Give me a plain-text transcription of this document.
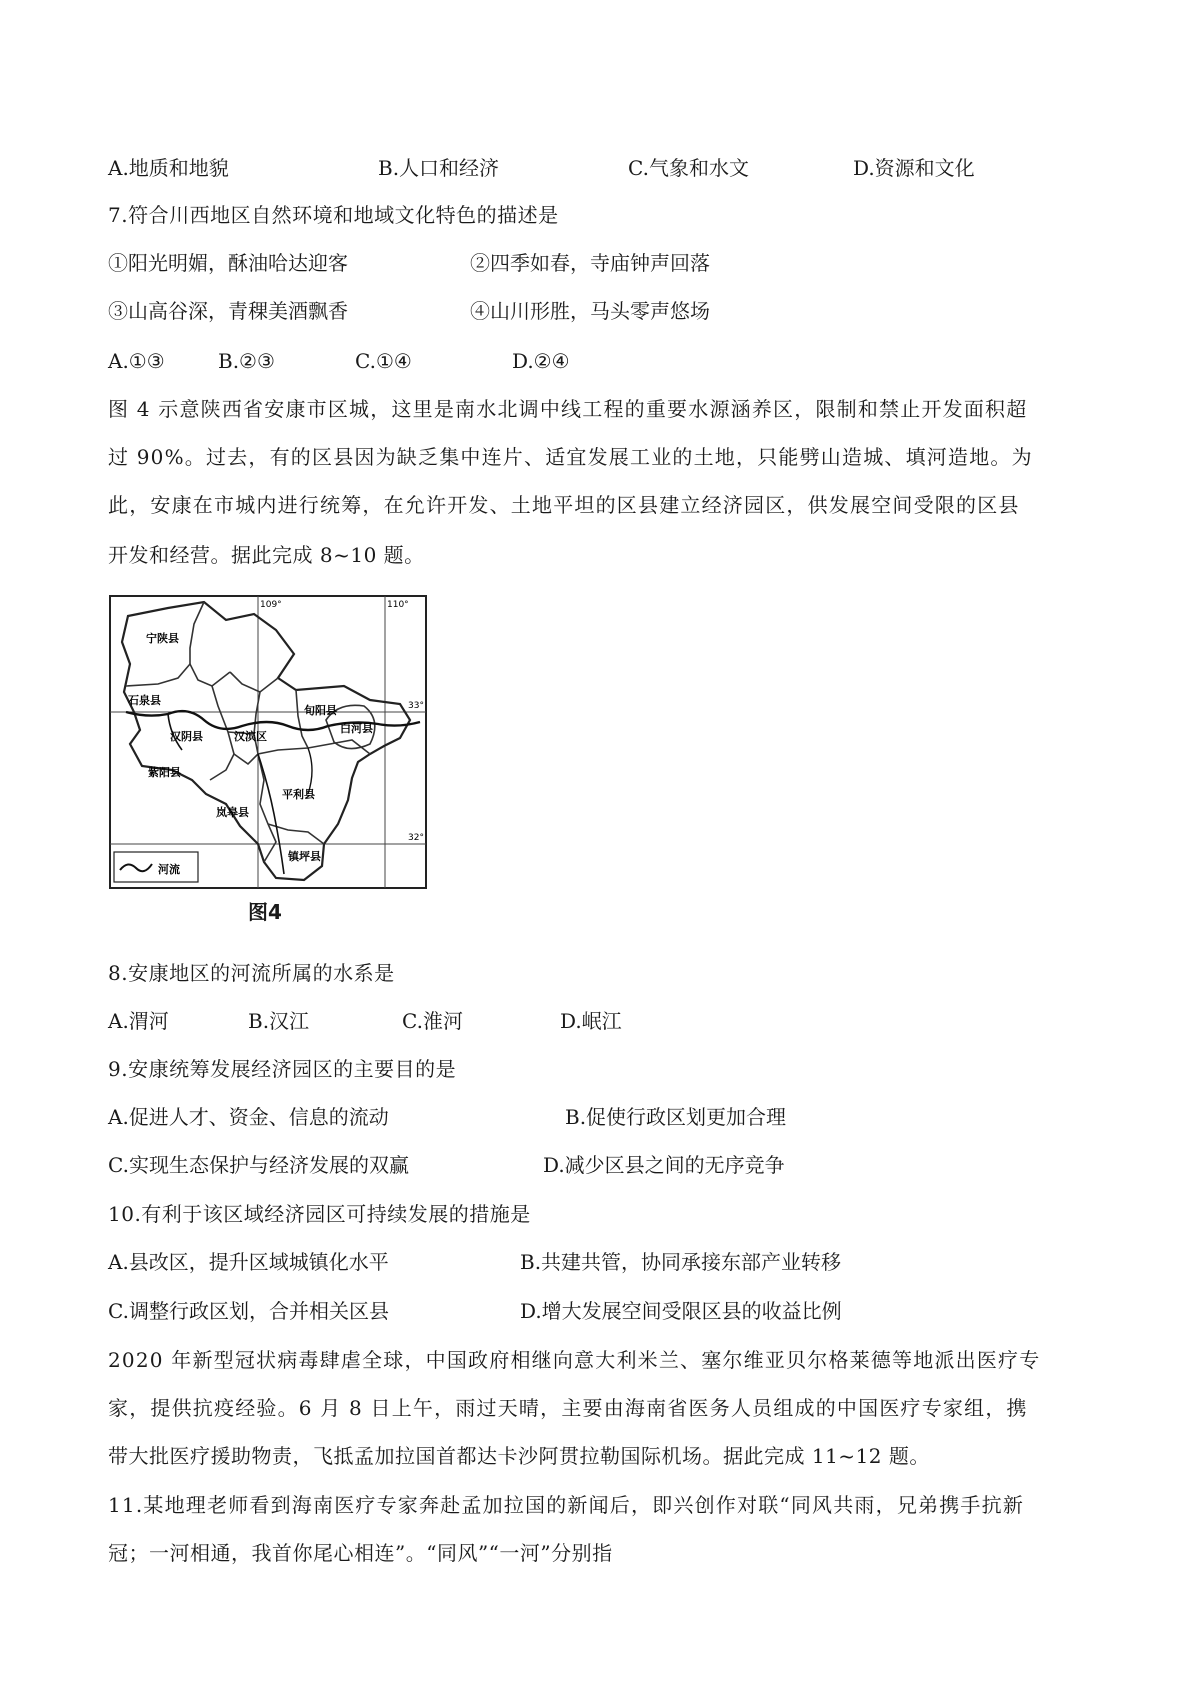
A.地质和地貌	B.人口和经济	C.气象和水文	D.资源和文化
7.符合川西地区自然环境和地域文化特色的描述是
①阳光明媚，酥油哈达迎客	②四季如春，寺庙钟声回落
③山高谷深，青稞美酒飘香	④山川形胜，马头零声悠场
A.①③	B.②③	C.①④	D.②④
图 4 示意陕西省安康市区城，这里是南水北调中线工程的重要水源涵养区，限制和禁止开发面积超
过 90%。过去，有的区县因为缺乏集中连片、适宜发展工业的土地，只能劈山造城、填河造地。为
此，安康在市城内进行统筹，在允许开发、土地平坦的区县建立经济园区，供发展空间受限的区县
开发和经营。据此完成 8~10 题。
109°	110°
33°
32°
宁陕县
石泉县
汉阴县	汉滨区
旬阳县
白河县
紫阳县
岚皋县
平利县
镇坪县
河流
图4
8.安康地区的河流所属的水系是
A.渭河	B.汉江	C.淮河	D.岷江
9.安康统筹发展经济园区的主要目的是
A.促进人才、资金、信息的流动	B.促使行政区划更加合理
C.实现生态保护与经济发展的双赢	D.减少区县之间的无序竞争
10.有利于该区域经济园区可持续发展的措施是
A.县改区，提升区域城镇化水平	B.共建共管，协同承接东部产业转移
C.调整行政区划，合并相关区县	D.增大发展空间受限区县的收益比例
2020 年新型冠状病毒肆虐全球，中国政府相继向意大利米兰、塞尔维亚贝尔格莱德等地派出医疗专
家，提供抗疫经验。6 月 8 日上午，雨过天晴，主要由海南省医务人员组成的中国医疗专家组，携
带大批医疗援助物责，飞抵孟加拉国首都达卡沙阿贯拉勒国际机场。据此完成 11~12 题。
11.某地理老师看到海南医疗专家奔赴孟加拉国的新闻后，即兴创作对联“同风共雨，兄弟携手抗新
冠；一河相通，我首你尾心相连”。“同风”“一河”分别指
